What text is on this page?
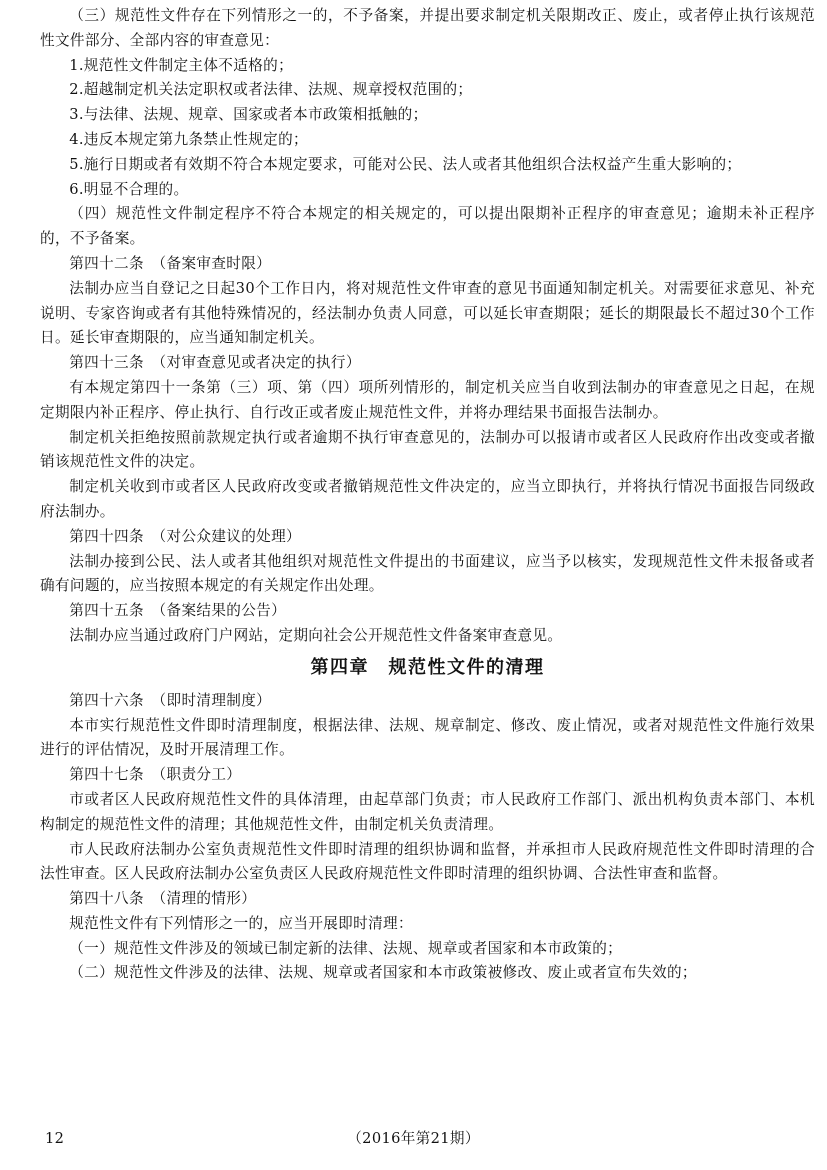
（三）规范性文件存在下列情形之一的，不予备案，并提出要求制定机关限期改正、废止，或者停止执行该规范性文件部分、全部内容的审查意见：

1.规范性文件制定主体不适格的；

2.超越制定机关法定职权或者法律、法规、规章授权范围的；

3.与法律、法规、规章、国家或者本市政策相抵触的；

4.违反本规定第九条禁止性规定的；

5.施行日期或者有效期不符合本规定要求，可能对公民、法人或者其他组织合法权益产生重大影响的；

6.明显不合理的。

（四）规范性文件制定程序不符合本规定的相关规定的，可以提出限期补正程序的审查意见；逾期未补正程序的，不予备案。

第四十二条　（备案审查时限）

法制办应当自登记之日起30个工作日内，将对规范性文件审查的意见书面通知制定机关。对需要征求意见、补充说明、专家咨询或者有其他特殊情况的，经法制办负责人同意，可以延长审查期限；延长的期限最长不超过30个工作日。延长审查期限的，应当通知制定机关。

第四十三条　（对审查意见或者决定的执行）

有本规定第四十一条第（三）项、第（四）项所列情形的，制定机关应当自收到法制办的审查意见之日起，在规定期限内补正程序、停止执行、自行改正或者废止规范性文件，并将办理结果书面报告法制办。

制定机关拒绝按照前款规定执行或者逾期不执行审查意见的，法制办可以报请市或者区人民政府作出改变或者撤销该规范性文件的决定。

制定机关收到市或者区人民政府改变或者撤销规范性文件决定的，应当立即执行，并将执行情况书面报告同级政府法制办。

第四十四条　（对公众建议的处理）

法制办接到公民、法人或者其他组织对规范性文件提出的书面建议，应当予以核实，发现规范性文件未报备或者确有问题的，应当按照本规定的有关规定作出处理。

第四十五条　（备案结果的公告）

法制办应当通过政府门户网站，定期向社会公开规范性文件备案审查意见。

第四章　规范性文件的清理

第四十六条　（即时清理制度）

本市实行规范性文件即时清理制度，根据法律、法规、规章制定、修改、废止情况，或者对规范性文件施行效果进行的评估情况，及时开展清理工作。

第四十七条　（职责分工）

市或者区人民政府规范性文件的具体清理，由起草部门负责；市人民政府工作部门、派出机构负责本部门、本机构制定的规范性文件的清理；其他规范性文件，由制定机关负责清理。

市人民政府法制办公室负责规范性文件即时清理的组织协调和监督，并承担市人民政府规范性文件即时清理的合法性审查。区人民政府法制办公室负责区人民政府规范性文件即时清理的组织协调、合法性审查和监督。

第四十八条　（清理的情形）

规范性文件有下列情形之一的，应当开展即时清理：

（一）规范性文件涉及的领域已制定新的法律、法规、规章或者国家和本市政策的；

（二）规范性文件涉及的法律、法规、规章或者国家和本市政策被修改、废止或者宣布失效的；

12	（2016年第21期）
